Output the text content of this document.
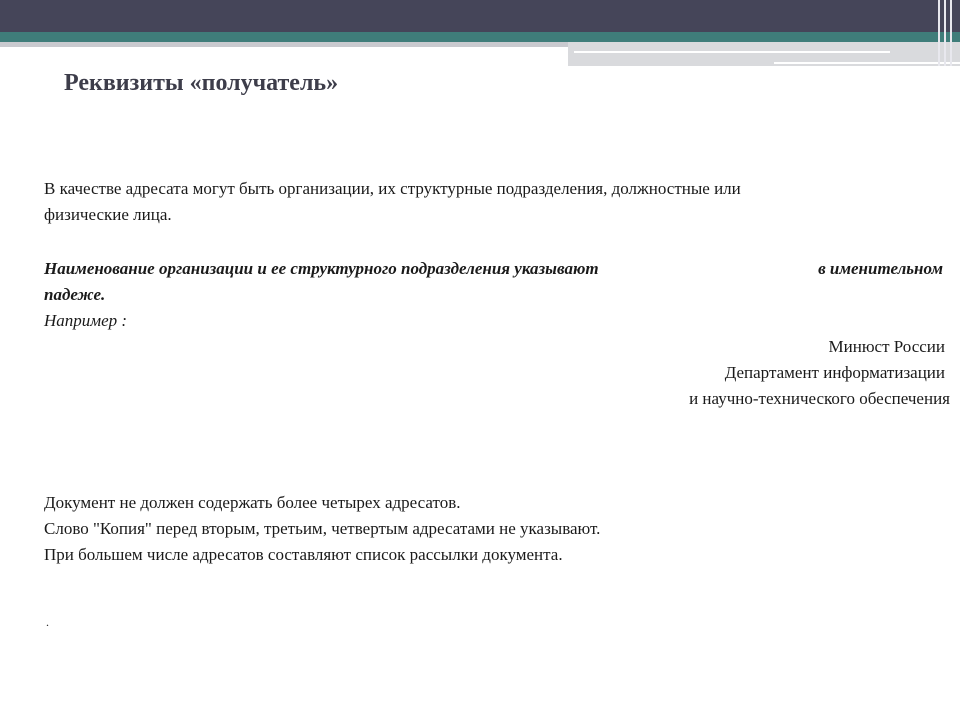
Реквизиты «получатель»
В качестве адресата могут быть организации, их структурные подразделения, должностные или
физические лица.
Наименование организации и ее структурного подразделения указывают	в именительном
падеже.
Например :
Минюст России
Департамент информатизации
и научно-технического обеспечения
Документ не должен содержать более четырех адресатов.
Слово "Копия" перед вторым, третьим, четвертым адресатами не указывают.
При большем числе адресатов составляют список рассылки документа.
.
